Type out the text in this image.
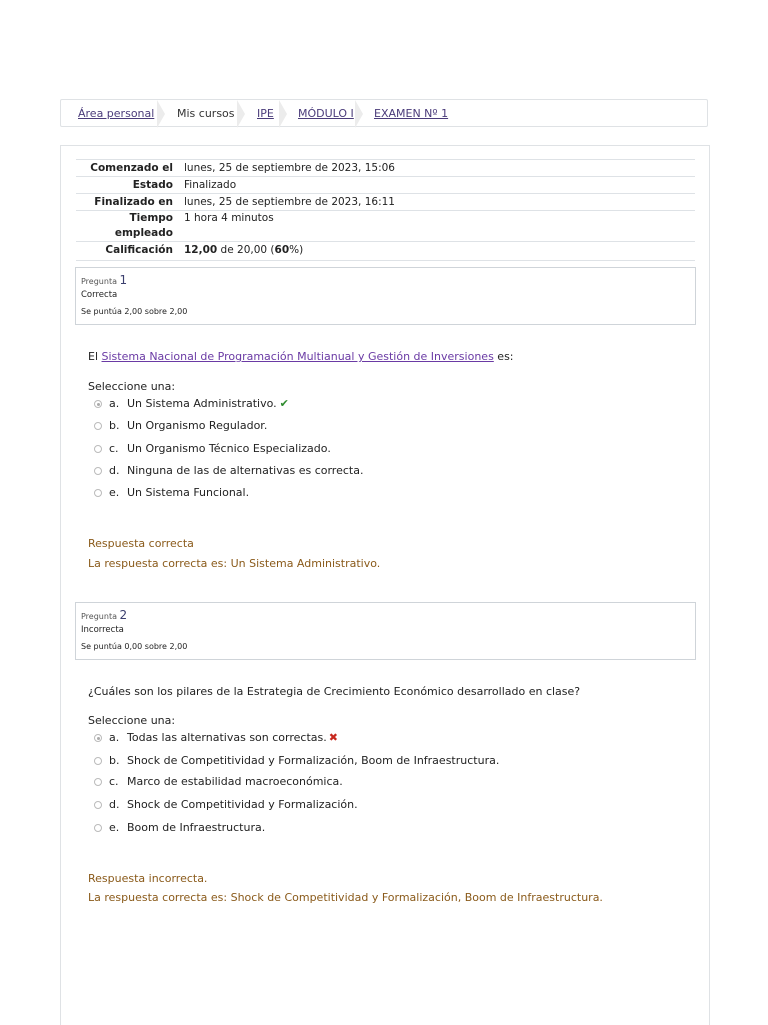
Área personal Mis cursos IPE MÓDULO I EXAMEN Nº 1
Comenzado el lunes, 25 de septiembre de 2023, 15:06
Estado Finalizado
Finalizado en lunes, 25 de septiembre de 2023, 16:11
Tiempo
empleado
1 hora 4 minutos
Calificación 12,00 de 20,00 (60%)
Pregunta 1
Correcta
Se puntúa 2,00 sobre 2,00
El Sistema Nacional de Programación Multianual y Gestión de Inversiones es:
Seleccione una:
a. Un Sistema Administrativo. ✔
b. Un Organismo Regulador.
c. Un Organismo Técnico Especializado.
d. Ninguna de las de alternativas es correcta.
e. Un Sistema Funcional.
Respuesta correcta
La respuesta correcta es: Un Sistema Administrativo.
Pregunta 2
Incorrecta
Se puntúa 0,00 sobre 2,00
¿Cuáles son los pilares de la Estrategia de Crecimiento Económico desarrollado en clase?
Seleccione una:
a. Todas las alternativas son correctas. ✖
b. Shock de Competitividad y Formalización, Boom de Infraestructura.
c. Marco de estabilidad macroeconómica.
d. Shock de Competitividad y Formalización.
e. Boom de Infraestructura.
Respuesta incorrecta.
La respuesta correcta es: Shock de Competitividad y Formalización, Boom de Infraestructura.
